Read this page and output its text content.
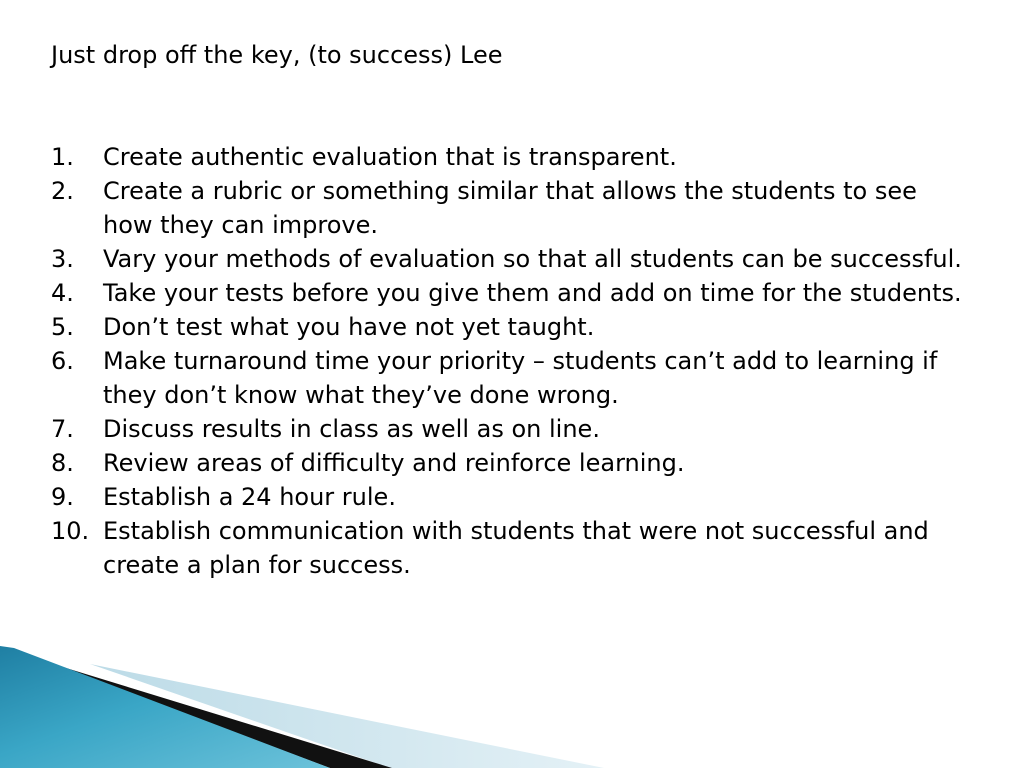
Just drop off the key, (to success) Lee
1.	Create authentic evaluation that is transparent.
2.	Create a rubric or something similar that allows the students to see how they can improve.
3.	Vary your methods of evaluation so that all students can be successful.
4.	Take your tests before you give them and add on time for the students.
5.	Don’t test what you have not yet taught.
6.	Make turnaround time your priority – students can’t add to learning if they don’t know what they’ve done wrong.
7.	Discuss results in class as well as on line.
8.	Review areas of difficulty and reinforce learning.
9.	Establish a 24 hour rule.
10. Establish communication with students that were not successful and create a plan for success.
